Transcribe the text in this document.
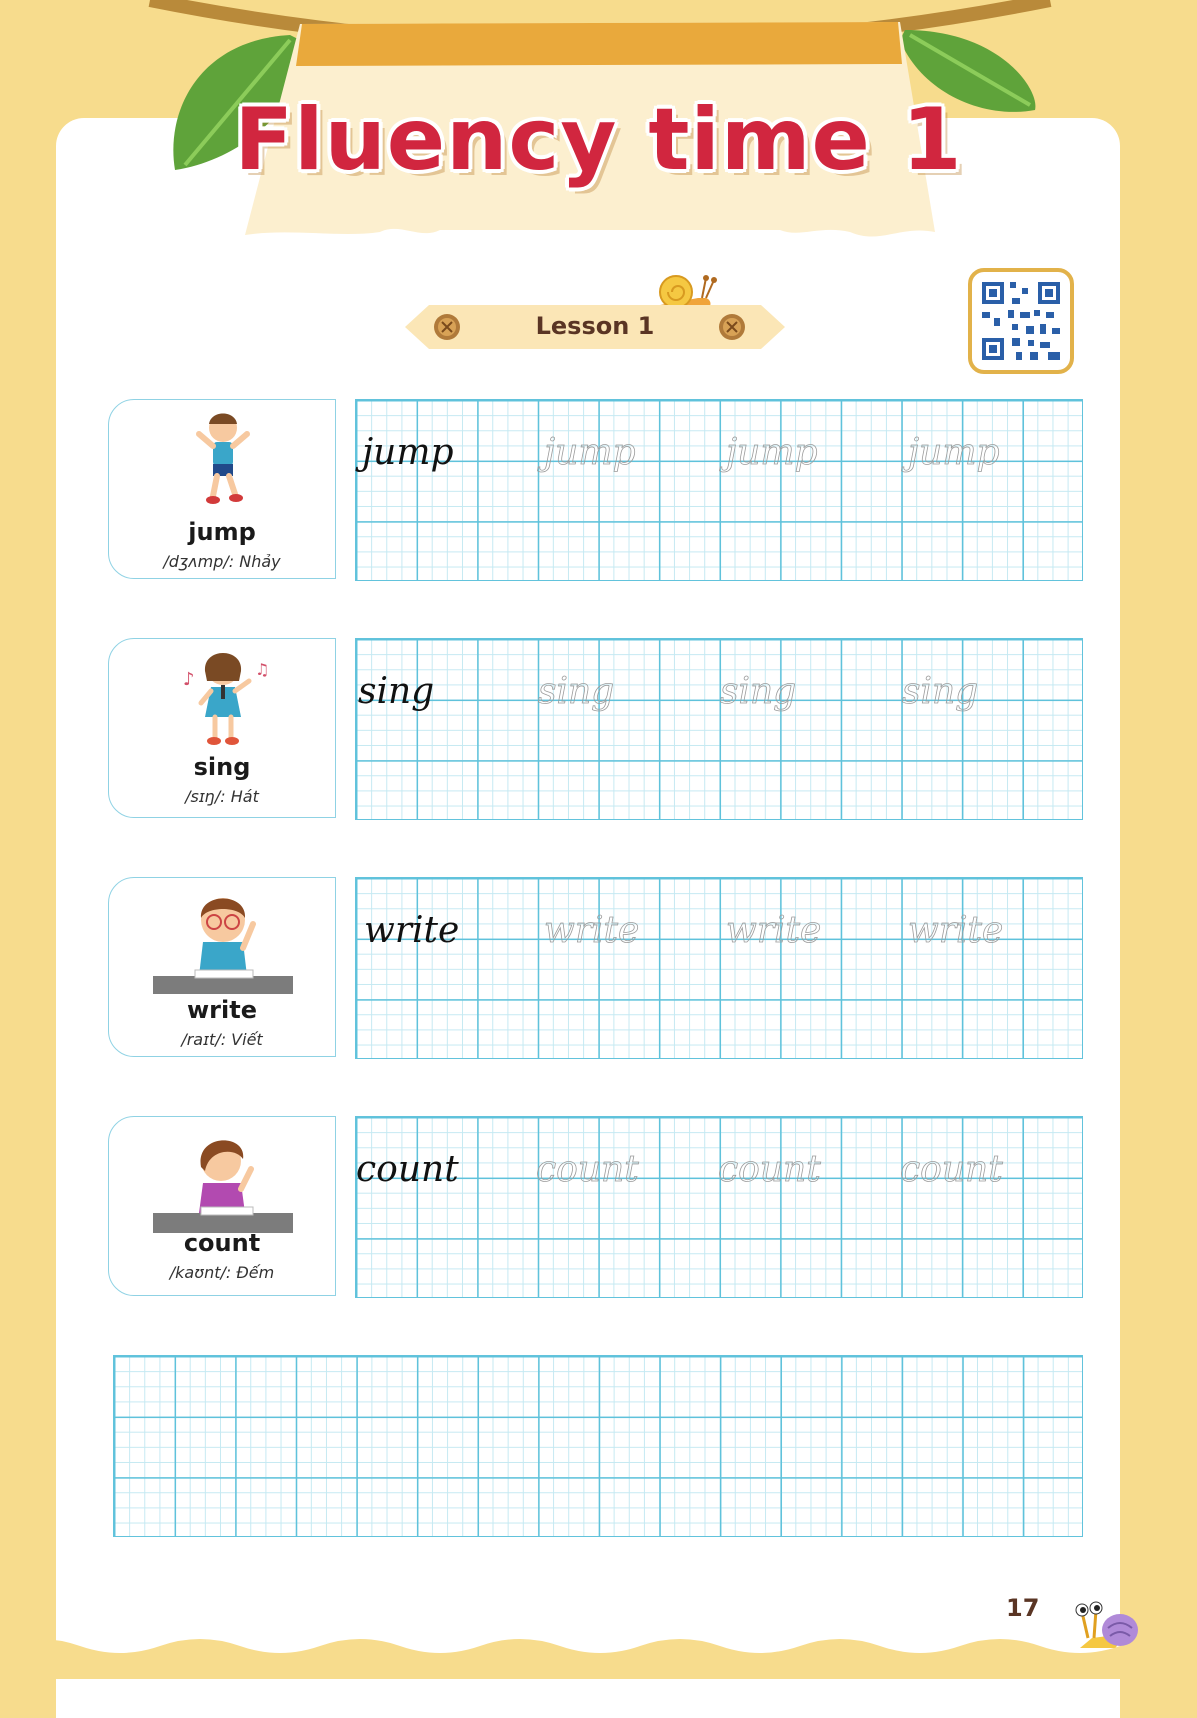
Fluency time 1
Lesson 1
jump
/dʒʌmp/: Nhảy
jump	jump	jump	jump
♪	♫
sing
/sɪŋ/: Hát
sing	sing	sing	sing
write
/raɪt/: Viết
write write write write
count
/kaʊnt/: Đếm
count count count count
17
